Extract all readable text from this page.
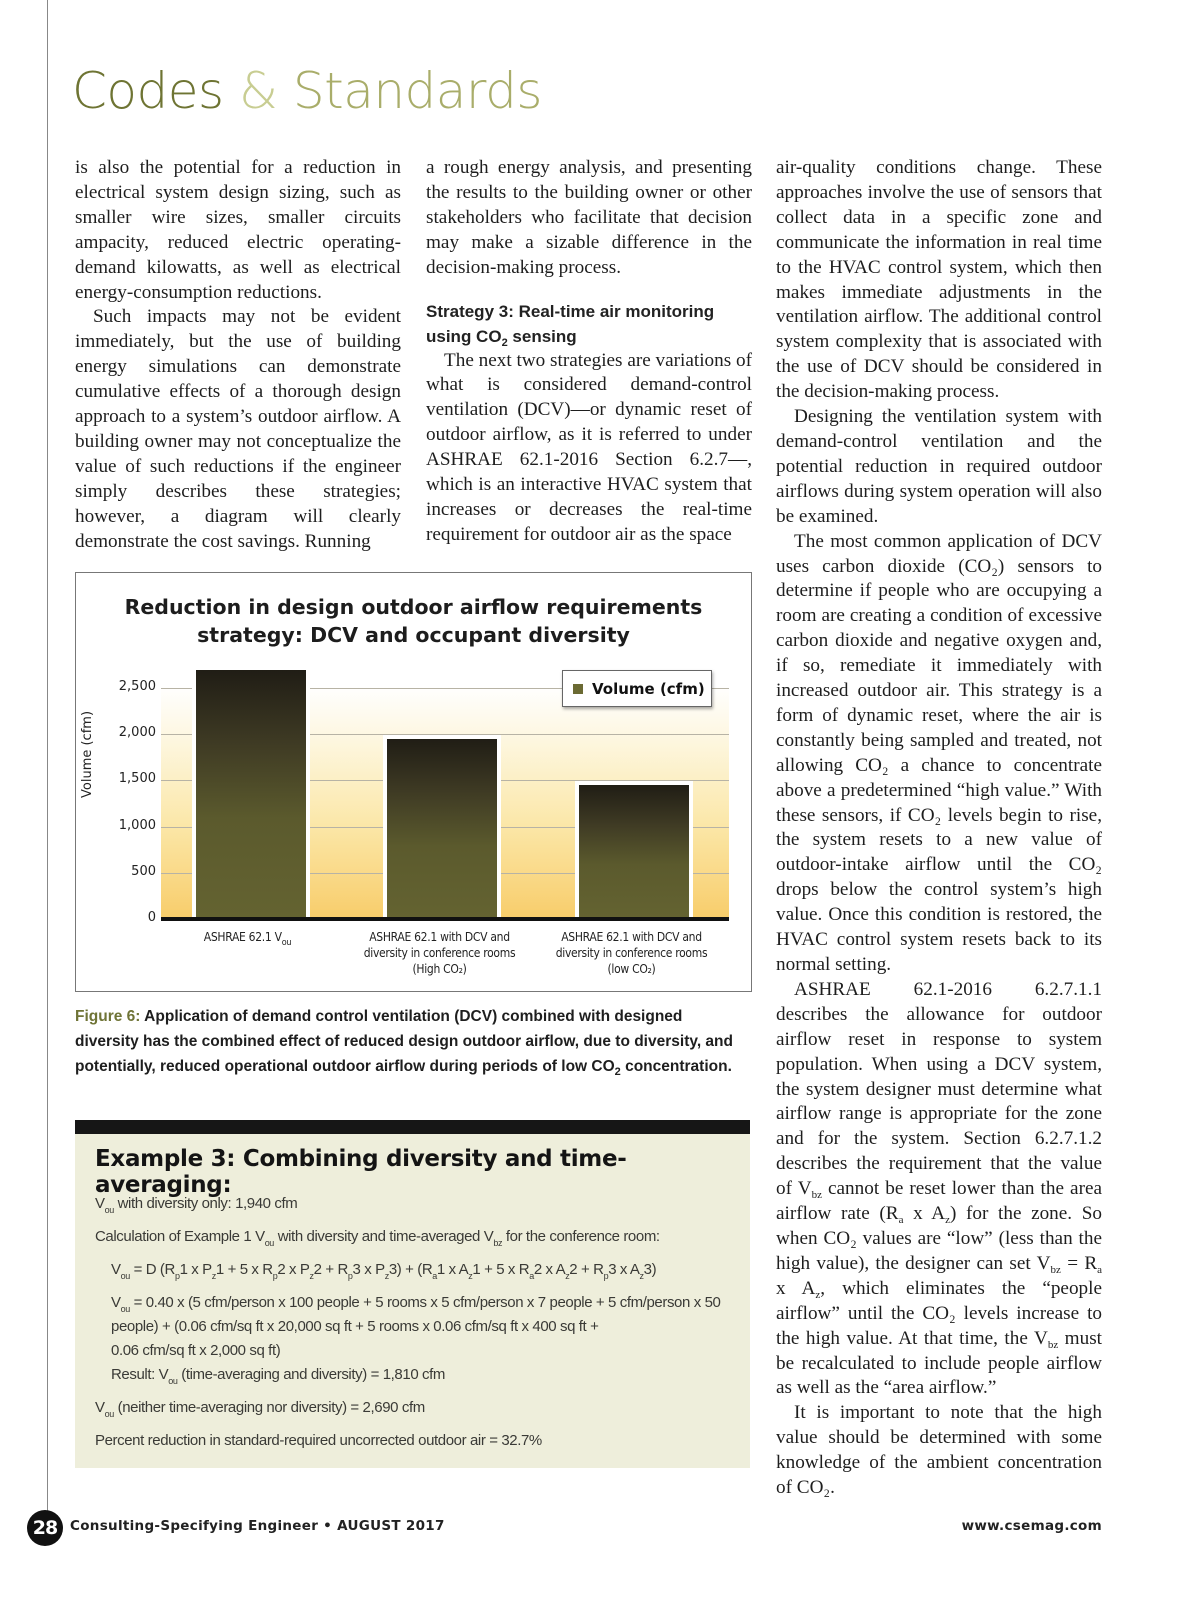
Codes & Standards

is also the potential for a reduction in electrical system design sizing, such as smaller wire sizes, smaller circuits ampacity, reduced electric operating-demand kilowatts, as well as electrical energy-consumption reductions.

Such impacts may not be evident immediately, but the use of building energy simulations can demonstrate cumulative effects of a thorough design approach to a system’s outdoor airflow. A building owner may not conceptualize the value of such reductions if the engineer simply describes these strategies; however, a diagram will clearly demonstrate the cost savings. Running

a rough energy analysis, and presenting the results to the building owner or other stakeholders who facilitate that decision may make a sizable difference in the decision-making process.

Strategy 3: Real-time air monitoring using $CO_2$ sensing

The next two strategies are variations of what is considered demand-control ventilation (DCV)—or dynamic reset of outdoor airflow, as it is referred to under ASHRAE 62.1-2016 Section 6.2.7—, which is an interactive HVAC system that increases or decreases the real-time requirement for outdoor air as the space

air-quality conditions change. These approaches involve the use of sensors that collect data in a specific zone and communicate the information in real time to the HVAC control system, which then makes immediate adjustments in the ventilation airflow. The additional control system complexity that is associated with the use of DCV should be considered in the decision-making process.

Designing the ventilation system with demand-control ventilation and the potential reduction in required outdoor airflows during system operation will also be examined.

The most common application of DCV uses carbon dioxide (CO₂) sensors to determine if people who are occupying a room are creating a condition of excessive carbon dioxide and negative oxygen and, if so, remediate it immediately with increased outdoor air. This strategy is a form of dynamic reset, where the air is constantly being sampled and treated, not allowing CO₂ a chance to concentrate above a predetermined “high value.” With these sensors, if CO₂ levels begin to rise, the system resets to a new value of outdoor-intake airflow until the CO₂ drops below the control system’s high value. Once this condition is restored, the HVAC control system resets back to its normal setting.

ASHRAE 62.1-2016 6.2.7.1.1 describes the allowance for outdoor airflow reset in response to system population. When using a DCV system, the system designer must determine what airflow range is appropriate for the zone and for the system. Section 6.2.7.1.2 describes the requirement that the value of $V_{bz}$ cannot be reset lower than the area airflow rate ($R_a$ x $A_z$) for the zone. So when CO₂ values are “low” (less than the high value), the designer can set $V_{bz} = R_a$ x $A_z$, which eliminates the “people airflow” until the CO₂ levels increase to the high value. At that time, the $V_{bz}$ must be recalculated to include people airflow as well as the “area airflow.”

It is important to note that the high value should be determined with some knowledge of the ambient concentration of CO₂.

Reduction in design outdoor airflow requirements
strategy: DCV and occupant diversity
Volume (cfm)
2,500
2,000
1,500
1,000
500
0
Volume (cfm)
ASHRAE 62.1 $V_{ou}$	ASHRAE 62.1 with DCV and
diversity in conference rooms
(High CO₂)
ASHRAE 62.1 with DCV and
diversity in conference rooms
(low CO₂)
Figure 6: Application of demand control ventilation (DCV) combined with designed diversity has the combined effect of reduced design outdoor airflow, due to diversity, and potentially, reduced operational outdoor airflow during periods of low $CO_2$ concentration.
Example 3: Combining diversity and time-averaging:
$V_{ou}$ with diversity only: 1,940 cfm
Calculation of Example 1 $V_{ou}$ with diversity and time-averaged $V_{bz}$ for the conference room:
$V_{ou} = D$ ($R_p1$ x $P_z1 + 5$ x $R_p2$ x $P_z2 + R_p3$ x $P_z3) + (R_a1$ x $A_z1 + 5$ x $R_a2$ x $A_z2 + R_p3$ x $A_z3$)
$V_{ou} = 0.40$ x (5 cfm/person x 100 people + 5 rooms x 5 cfm/person x 7 people + 5 cfm/person x 50
people) + (0.06 cfm/sq ft x 20,000 sq ft + 5 rooms x 0.06 cfm/sq ft x 400 sq ft +
0.06 cfm/sq ft x 2,000 sq ft)
Result: $V_{ou}$ (time-averaging and diversity) = 1,810 cfm
$V_{ou}$ (neither time-averaging nor diversity) = 2,690 cfm
Percent reduction in standard-required uncorrected outdoor air = 32.7%
28 Consulting-Specifying Engineer • AUGUST 2017	www.csemag.com
